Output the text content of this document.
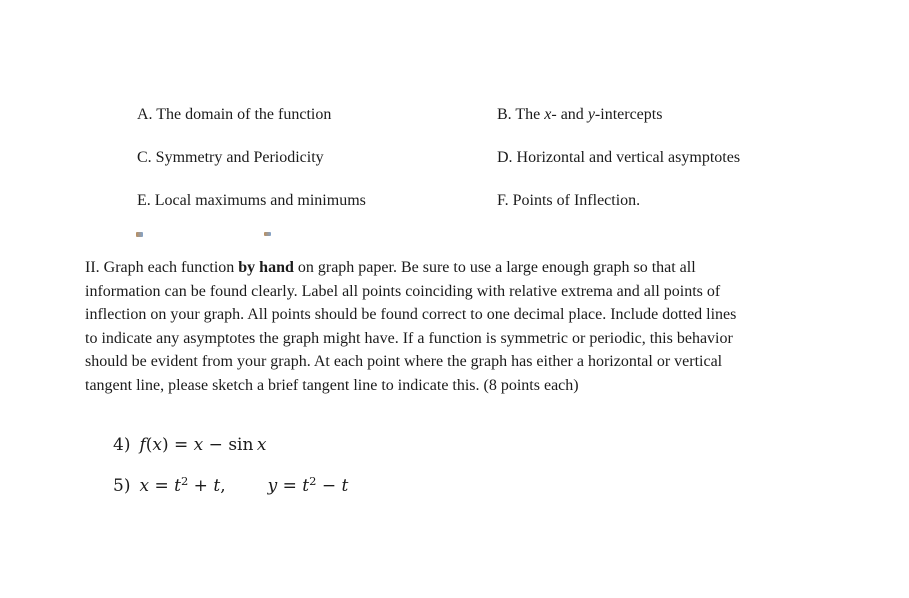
A. The domain of the function	B. The x- and y-intercepts
C. Symmetry and Periodicity	D. Horizontal and vertical asymptotes
E. Local maximums and minimums	F. Points of Inflection.
II. Graph each function by hand on graph paper. Be sure to use a large enough graph so that all
information can be found clearly. Label all points coinciding with relative extrema and all points of
inflection on your graph. All points should be found correct to one decimal place. Include dotted lines
to indicate any asymptotes the graph might have. If a function is symmetric or periodic, this behavior
should be evident from your graph. At each point where the graph has either a horizontal or vertical
tangent line, please sketch a brief tangent line to indicate this. (8 points each)
4) f(x) = x − sin x
5) $x = t^2 + t$, $y = t^2 - t$
